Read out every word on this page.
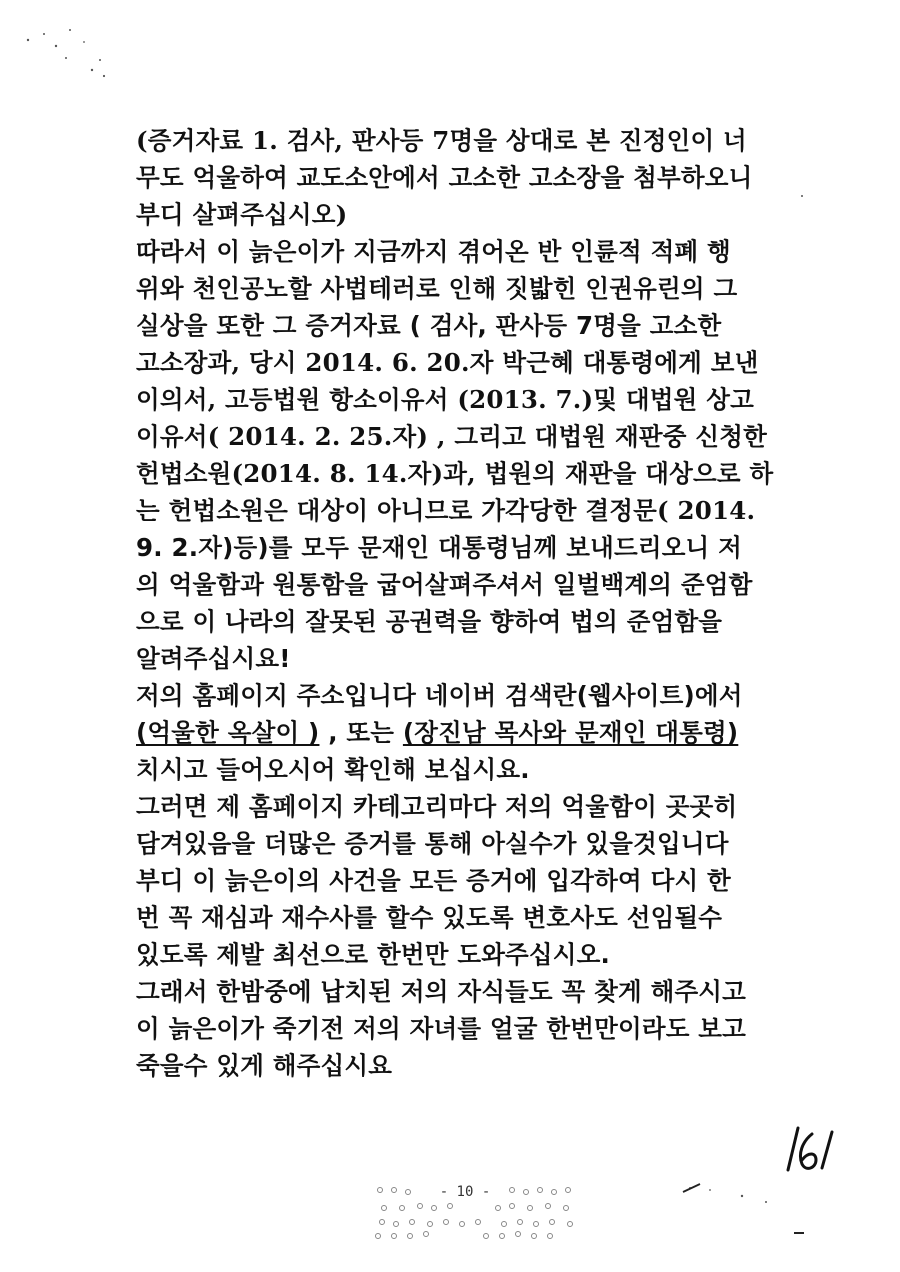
(증거자료 1. 검사, 판사등 7명을 상대로 본 진정인이 너
무도 억울하여 교도소안에서 고소한 고소장을 첨부하오니
부디 살펴주십시오)
따라서 이 늙은이가 지금까지 겪어온 반 인륜적 적폐 행
위와 천인공노할 사법테러로 인해 짓밟힌 인권유린의 그
실상을 또한 그 증거자료 ( 검사, 판사등 7명을 고소한
고소장과, 당시 2014. 6. 20.자 박근혜 대통령에게 보낸
이의서, 고등법원 항소이유서 (2013. 7.)및 대법원 상고
이유서( 2014. 2. 25.자) , 그리고 대법원 재판중 신청한
헌법소원(2014. 8. 14.자)과, 법원의 재판을 대상으로 하
는 헌법소원은 대상이 아니므로 가각당한 결정문( 2014.
9. 2.자)등)를 모두 문재인 대통령님께 보내드리오니 저
의 억울함과 원통함을 굽어살펴주셔서 일벌백계의 준엄함
으로 이 나라의 잘못된 공권력을 향하여 법의 준엄함을
알려주십시요!
저의 홈페이지 주소입니다 네이버 검색란(웹사이트)에서
(억울한 옥살이 ) , 또는 (장진남 목사와 문재인 대통령)
치시고 들어오시어 확인해 보십시요.
그러면 제 홈페이지 카테고리마다 저의 억울함이 곳곳히
담겨있음을 더많은 증거를 통해 아실수가 있을것입니다
부디 이 늙은이의 사건을 모든 증거에 입각하여 다시 한
번 꼭 재심과 재수사를 할수 있도록 변호사도 선임될수
있도록 제발 최선으로 한번만 도와주십시오.
그래서 한밤중에 납치된 저의 자식들도 꼭 찾게 해주시고
이 늙은이가 죽기전 저의 자녀를 얼굴 한번만이라도 보고
죽을수 있게 해주십시요
- 10 -
